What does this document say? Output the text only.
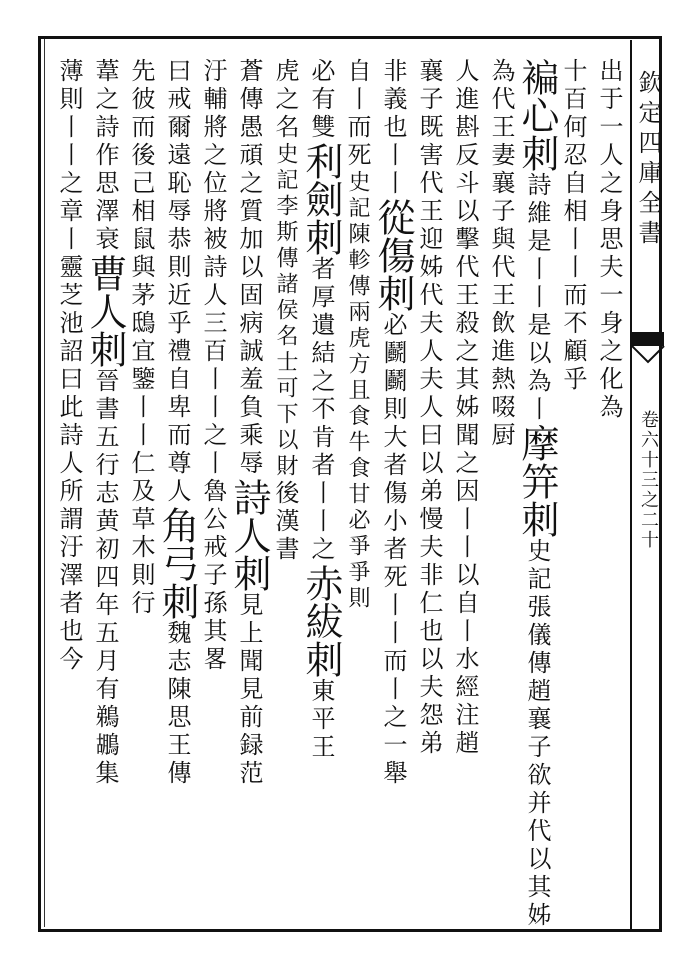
出于一人之身思夫一身之化為
十百何忍自相丨丨而不顧乎
褊心刺詩維是丨丨是以為丨摩笄刺史記張儀傳趙襄子欲并代以其姊
為代王妻襄子與代王飲進熱啜厨
人進斟反斗以擊代王殺之其姊聞之因丨丨以自丨水經注趙
襄子既害代王迎姊代夫人夫人曰以弟慢夫非仁也以夫怨弟
非義也丨丨從傷刺必鬬鬬則大者傷小者死丨丨而丨之一舉
自丨而死史記陳軫傳兩虎方且食牛食甘必爭爭則
必有雙利劍刺者厚遺結之不肯者丨丨之赤紱刺東平王
虎之名史記李斯傳諸侯名士可下以財後漢書
蒼傳愚頑之質加以固病誠羞負乘辱詩人刺見上聞見前録范
汙輔將之位將被詩人三百丨丨之丨魯公戒子孫其畧
曰戒爾遠恥辱恭則近乎禮自卑而尊人角弓刺魏志陳思王傳
先彼而後己相鼠與茅鴟宜鑒丨丨仁及草木則行
葦之詩作思澤衰曹人刺晉書五行志黄初四年五月有鵜鶘集
薄則丨丨之章丨靈芝池詔曰此詩人所謂汙澤者也今
欽定四庫全書
卷六十三之二十
